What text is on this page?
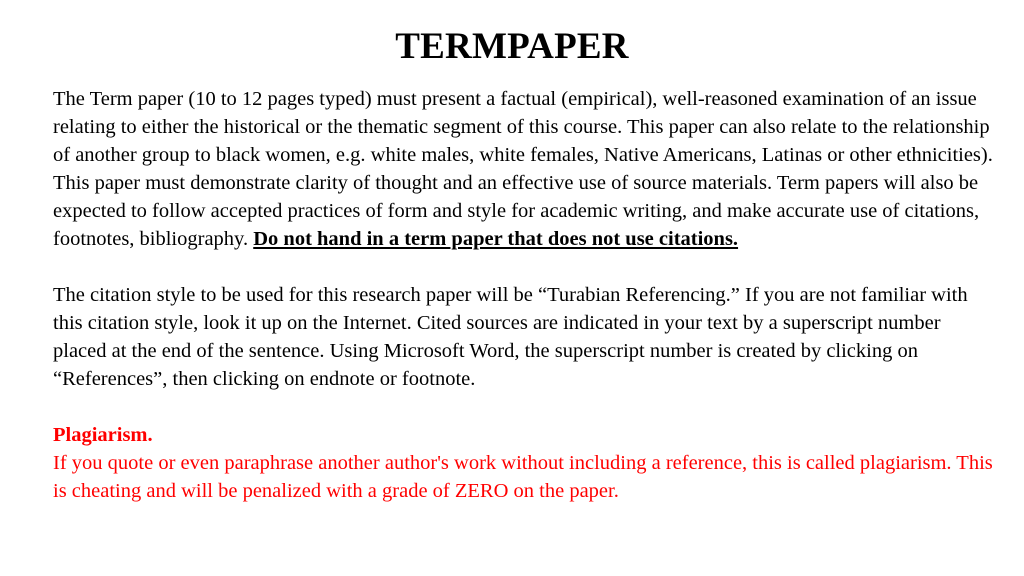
TERMPAPER

The Term paper (10 to 12 pages typed) must present a factual (empirical), well-reasoned examination of an issue relating to either the historical or the thematic segment of this course. This paper can also relate to the relationship of another group to black women, e.g. white males, white females, Native Americans, Latinas or other ethnicities). This paper must demonstrate clarity of thought and an effective use of source materials. Term papers will also be expected to follow accepted practices of form and style for academic writing, and make accurate use of citations, footnotes, bibliography. Do not hand in a term paper that does not use citations.

The citation style to be used for this research paper will be “Turabian Referencing.” If you are not familiar with this citation style, look it up on the Internet. Cited sources are indicated in your text by a superscript number placed at the end of the sentence. Using Microsoft Word, the superscript number is created by clicking on “References”, then clicking on endnote or footnote.

Plagiarism.
If you quote or even paraphrase another author's work without including a reference, this is called plagiarism. This is cheating and will be penalized with a grade of ZERO on the paper.
